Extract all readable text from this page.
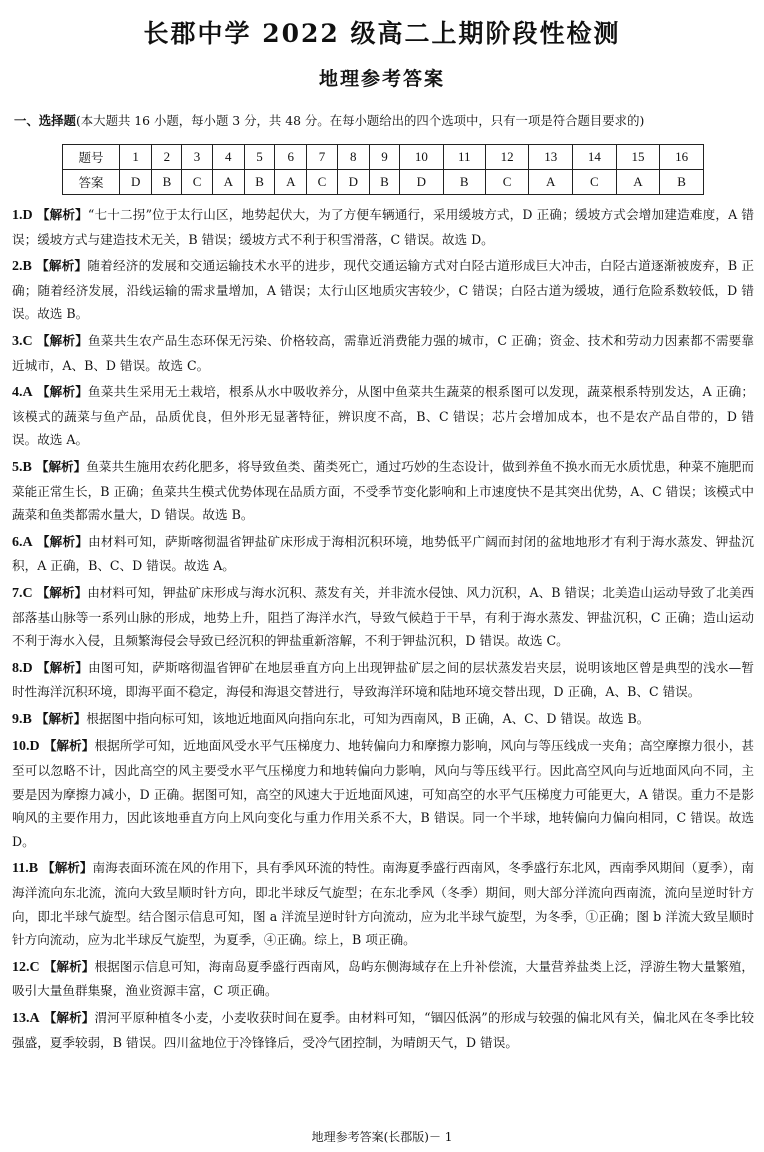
长郡中学 2022 级高二上期阶段性检测
地理参考答案
一、选择题(本大题共 16 小题，每小题 3 分，共 48 分。在每小题给出的四个选项中，只有一项是符合题目要求的)
题号	1	2	3	4	5	6	7	8	9	10	11	12	13	14	15	16
答案	D	B	C	A	B	A	C	D	B	D	B	C	A	C	A	B
1.D 【解析】“七十二拐”位于太行山区，地势起伏大，为了方便车辆通行，采用缓坡方式，D 正确；缓坡方式会增加建造难度，A 错误；缓坡方式与建造技术无关，B 错误；缓坡方式不利于积雪滑落，C 错误。故选 D。
2.B 【解析】随着经济的发展和交通运输技术水平的进步，现代交通运输方式对白陉古道形成巨大冲击，白陉古道逐渐被废弃，B 正确；随着经济发展，沿线运输的需求量增加，A 错误；太行山区地质灾害较少，C 错误；白陉古道为缓坡，通行危险系数较低，D 错误。故选 B。
3.C 【解析】鱼菜共生农产品生态环保无污染、价格较高，需靠近消费能力强的城市，C 正确；资金、技术和劳动力因素都不需要靠近城市，A、B、D 错误。故选 C。
4.A 【解析】鱼菜共生采用无土栽培，根系从水中吸收养分，从图中鱼菜共生蔬菜的根系图可以发现，蔬菜根系特别发达，A 正确；该模式的蔬菜与鱼产品，品质优良，但外形无显著特征，辨识度不高，B、C 错误；芯片会增加成本，也不是农产品自带的，D 错误。故选 A。
5.B 【解析】鱼菜共生施用农药化肥多，将导致鱼类、菌类死亡，通过巧妙的生态设计，做到养鱼不换水而无水质忧患，种菜不施肥而菜能正常生长，B 正确；鱼菜共生模式优势体现在品质方面，不受季节变化影响和上市速度快不是其突出优势，A、C 错误；该模式中蔬菜和鱼类都需水量大，D 错误。故选 B。
6.A 【解析】由材料可知，萨斯喀彻温省钾盐矿床形成于海相沉积环境，地势低平广阔而封闭的盆地地形才有利于海水蒸发、钾盐沉积，A 正确，B、C、D 错误。故选 A。
7.C 【解析】由材料可知，钾盐矿床形成与海水沉积、蒸发有关，并非流水侵蚀、风力沉积，A、B 错误；北美造山运动导致了北美西部落基山脉等一系列山脉的形成，地势上升，阻挡了海洋水汽，导致气候趋于干旱，有利于海水蒸发、钾盐沉积，C 正确；造山运动不利于海水入侵，且频繁海侵会导致已经沉积的钾盐重新溶解，不利于钾盐沉积，D 错误。故选 C。
8.D 【解析】由图可知，萨斯喀彻温省钾矿在地层垂直方向上出现钾盐矿层之间的层状蒸发岩夹层，说明该地区曾是典型的浅水—暂时性海洋沉积环境，即海平面不稳定，海侵和海退交替进行，导致海洋环境和陆地环境交替出现，D 正确，A、B、C 错误。
9.B 【解析】根据图中指向标可知，该地近地面风向指向东北，可知为西南风，B 正确，A、C、D 错误。故选 B。
10.D 【解析】根据所学可知，近地面风受水平气压梯度力、地转偏向力和摩擦力影响，风向与等压线成一夹角；高空摩擦力很小，甚至可以忽略不计，因此高空的风主要受水平气压梯度力和地转偏向力影响，风向与等压线平行。因此高空风向与近地面风向不同，主要是因为摩擦力减小，D 正确。据图可知，高空的风速大于近地面风速，可知高空的水平气压梯度力可能更大，A 错误。重力不是影响风的主要作用力，因此该地垂直方向上风向变化与重力作用关系不大，B 错误。同一个半球，地转偏向力偏向相同，C 错误。故选 D。
11.B 【解析】南海表面环流在风的作用下，具有季风环流的特性。南海夏季盛行西南风，冬季盛行东北风，西南季风期间（夏季），南海洋流向东北流，流向大致呈顺时针方向，即北半球反气旋型；在东北季风（冬季）期间，则大部分洋流向西南流，流向呈逆时针方向，即北半球气旋型。结合图示信息可知，图 a 洋流呈逆时针方向流动，应为北半球气旋型，为冬季，①正确；图 b 洋流大致呈顺时针方向流动，应为北半球反气旋型，为夏季，④正确。综上，B 项正确。
12.C 【解析】根据图示信息可知，海南岛夏季盛行西南风，岛屿东侧海域存在上升补偿流，大量营养盐类上泛，浮游生物大量繁殖，吸引大量鱼群集聚，渔业资源丰富，C 项正确。
13.A 【解析】渭河平原种植冬小麦，小麦收获时间在夏季。由材料可知，“锢囚低涡”的形成与较强的偏北风有关，偏北风在冬季比较强盛，夏季较弱，B 错误。四川盆地位于冷锋锋后，受冷气团控制，为晴朗天气，D 错误。
地理参考答案(长郡版)－ 1
